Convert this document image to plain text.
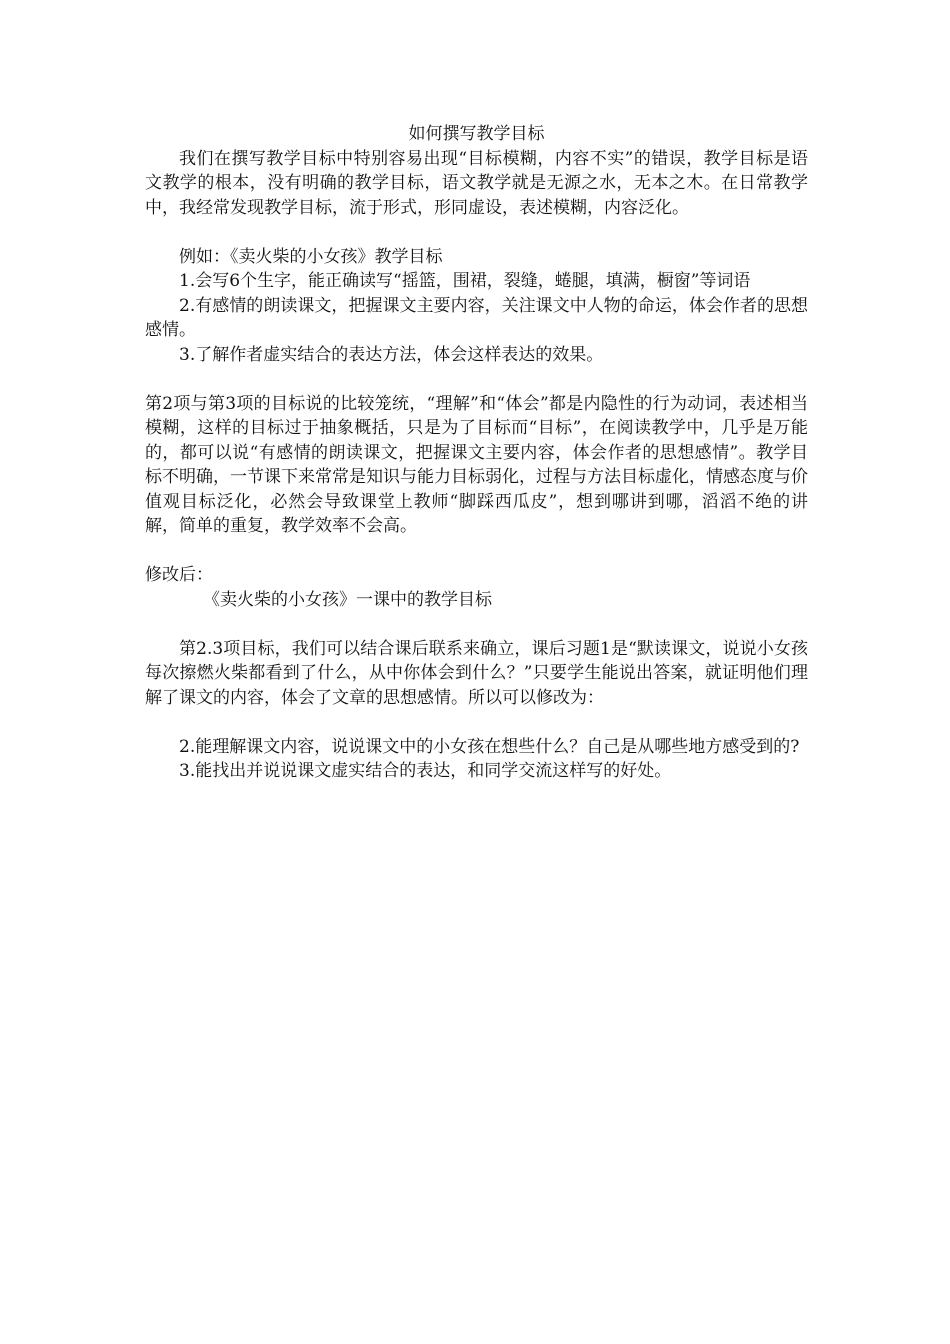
如何撰写教学目标

我们在撰写教学目标中特别容易出现“目标模糊，内容不实”的错误，教学目标是语文教学的根本，没有明确的教学目标，语文教学就是无源之水，无本之木。在日常教学中，我经常发现教学目标，流于形式，形同虚设，表述模糊，内容泛化。

例如：《卖火柴的小女孩》教学目标

1.会写6个生字，能正确读写“摇篮，围裙，裂缝，蜷腿，填满，橱窗”等词语

2.有感情的朗读课文，把握课文主要内容，关注课文中人物的命运，体会作者的思想感情。

3.了解作者虚实结合的表达方法，体会这样表达的效果。

第2项与第3项的目标说的比较笼统，“理解”和“体会”都是内隐性的行为动词，表述相当模糊，这样的目标过于抽象概括，只是为了目标而“目标”，在阅读教学中，几乎是万能的，都可以说“有感情的朗读课文，把握课文主要内容，体会作者的思想感情”。教学目标不明确，一节课下来常常是知识与能力目标弱化，过程与方法目标虚化，情感态度与价值观目标泛化，必然会导致课堂上教师“脚踩西瓜皮”，想到哪讲到哪，滔滔不绝的讲解，简单的重复，教学效率不会高。

修改后：

《卖火柴的小女孩》一课中的教学目标

第2.3项目标，我们可以结合课后联系来确立，课后习题1是“默读课文，说说小女孩每次擦燃火柴都看到了什么，从中你体会到什么？”只要学生能说出答案，就证明他们理解了课文的内容，体会了文章的思想感情。所以可以修改为：

2.能理解课文内容，说说课文中的小女孩在想些什么？自己是从哪些地方感受到的?

3.能找出并说说课文虚实结合的表达，和同学交流这样写的好处。
